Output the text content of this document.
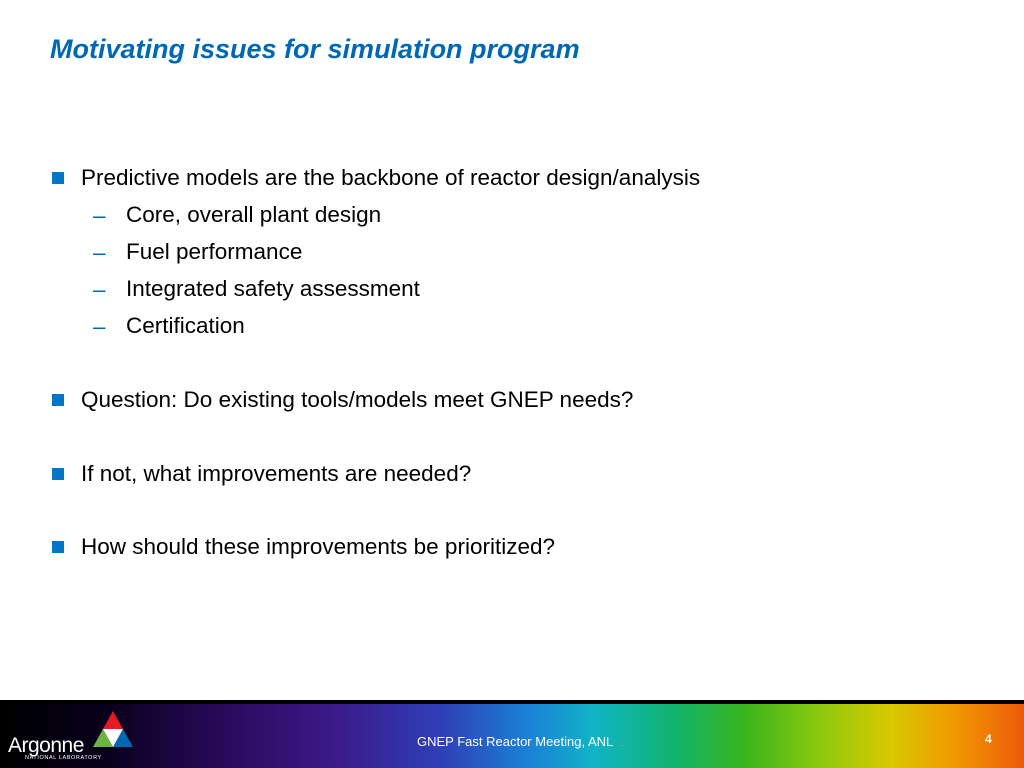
Motivating issues for simulation program
Predictive models are the backbone of reactor design/analysis
– Core, overall plant design
– Fuel performance
– Integrated safety assessment
– Certification
Question: Do existing tools/models meet GNEP needs?
If not, what improvements are needed?
How should these improvements be prioritized?
Argonne
NATIONAL LABORATORY
GNEP Fast Reactor Meeting, ANL	4
